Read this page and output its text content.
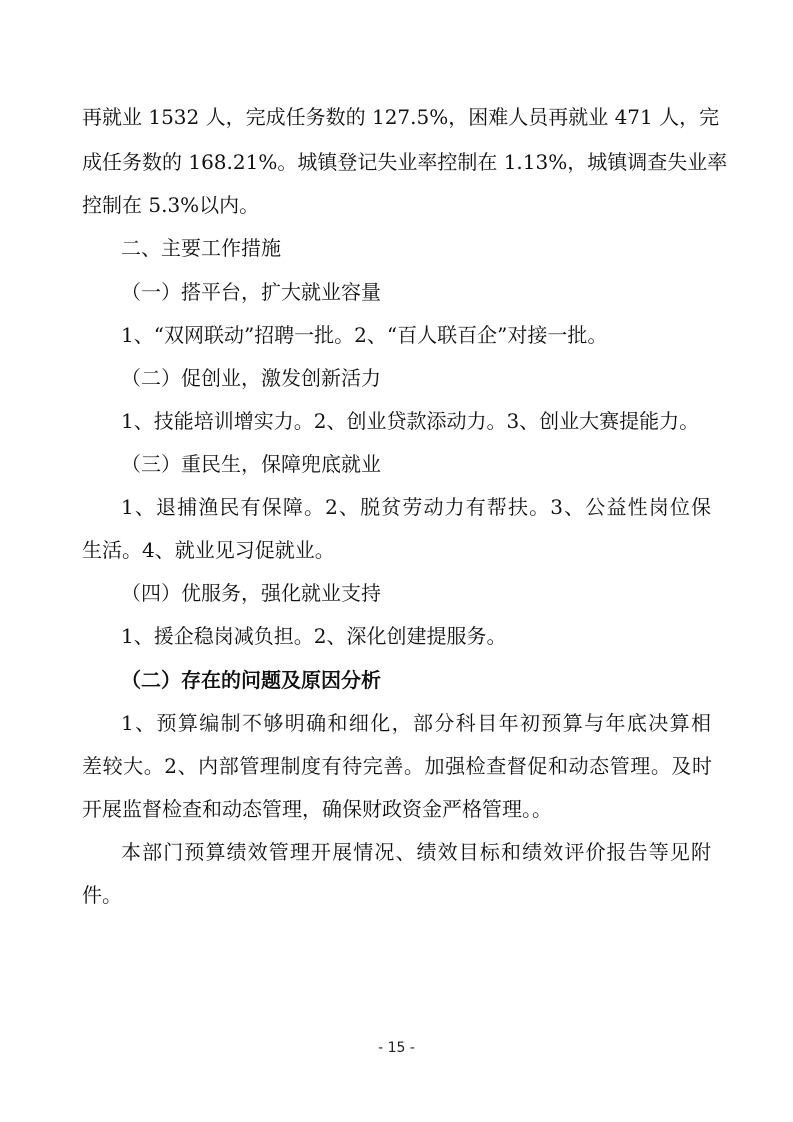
再就业 1532 人，完成任务数的 127.5%，困难人员再就业 471 人，完
成任务数的 168.21%。城镇登记失业率控制在 1.13%，城镇调查失业率
控制在 5.3%以内。
二、主要工作措施
（一）搭平台，扩大就业容量
1、“双网联动”招聘一批。2、“百人联百企”对接一批。
（二）促创业，激发创新活力
1、技能培训增实力。2、创业贷款添动力。3、创业大赛提能力。
（三）重民生，保障兜底就业
1、退捕渔民有保障。2、脱贫劳动力有帮扶。3、公益性岗位保
生活。4、就业见习促就业。
（四）优服务，强化就业支持
1、援企稳岗减负担。2、深化创建提服务。
（二）存在的问题及原因分析
1、预算编制不够明确和细化，部分科目年初预算与年底决算相
差较大。2、内部管理制度有待完善。加强检查督促和动态管理。及时
开展监督检查和动态管理，确保财政资金严格管理。。
本部门预算绩效管理开展情况、绩效目标和绩效评价报告等见附
件。
- 15 -
